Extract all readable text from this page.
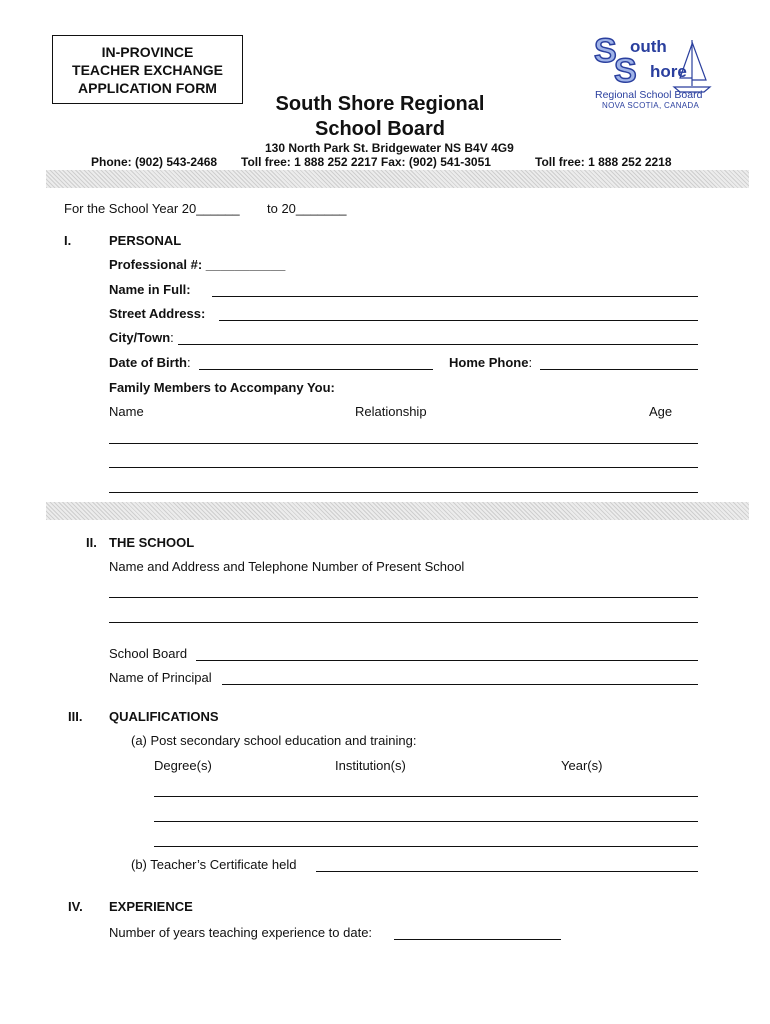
IN-PROVINCE
TEACHER EXCHANGE
APPLICATION FORM
South Shore Regional
School Board
S
S
outh
hore
Regional School Board
NOVA SCOTIA, CANADA
130 North Park St. Bridgewater NS B4V 4G9
Phone: (902) 543-2468 Toll free: 1 888 252 2217 Fax: (902) 541-3051	Toll free: 1 888 252 2218
For the School Year 20______ to 20_______
I.	PERSONAL
Professional #: ___________
Name in Full:
Street Address:
City/Town:
Date of Birth:	Home Phone:
Family Members to Accompany You:
Name	Relationship	Age
II. THE SCHOOL
Name and Address and Telephone Number of Present School
School Board
Name of Principal
III. QUALIFICATIONS
(a) Post secondary school education and training:
Degree(s)	Institution(s)	Year(s)
(b) Teacher’s Certificate held
IV. EXPERIENCE
Number of years teaching experience to date:
